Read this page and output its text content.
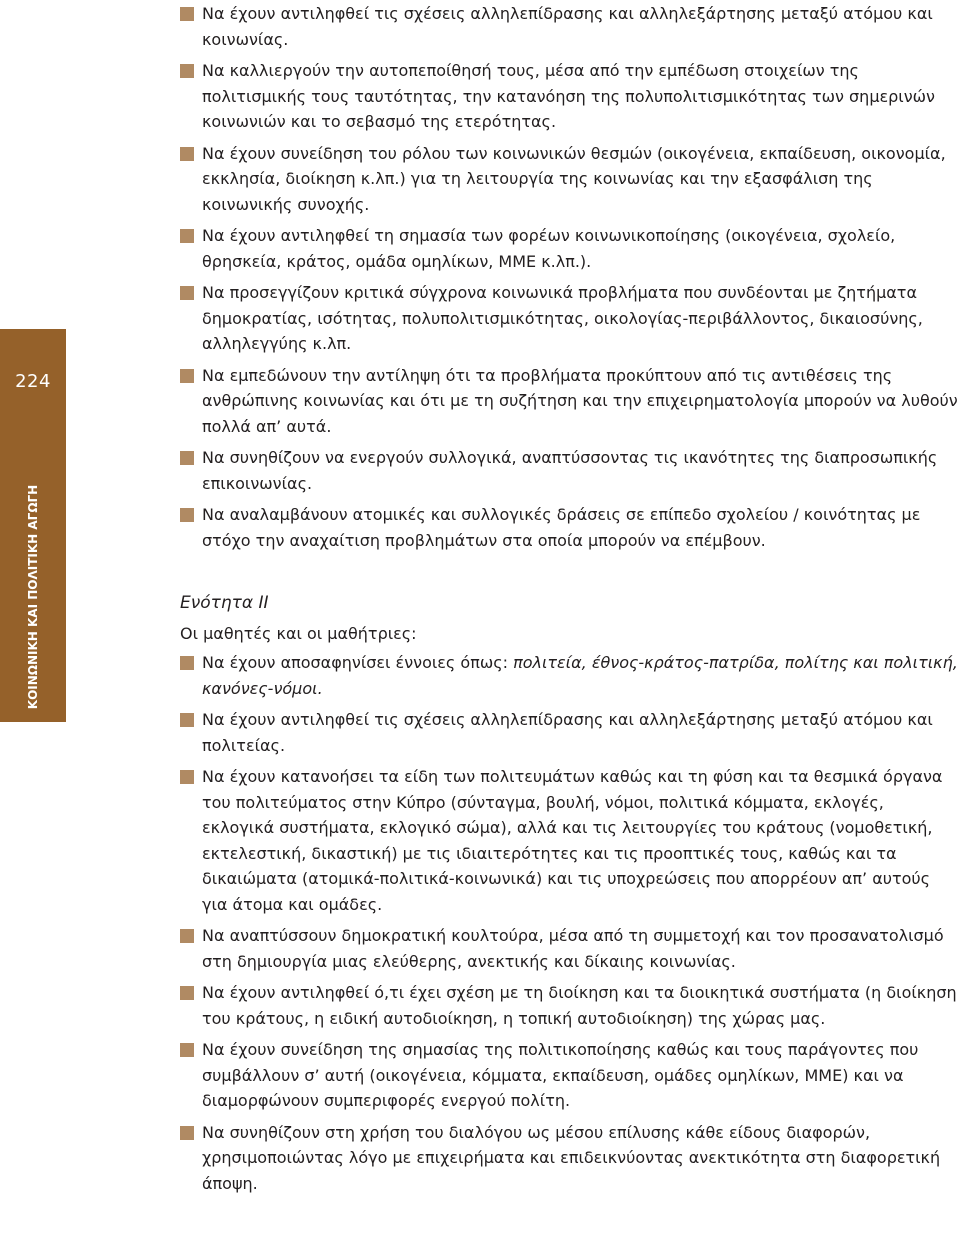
224
ΚΟΙΝΩΝΙΚΗ ΚΑΙ ΠΟΛΙΤΙΚΗ ΑΓΩΓΗ
Να έχουν αντιληφθεί τις σχέσεις αλληλεπίδρασης και αλληλεξάρτησης μεταξύ ατόμου και κοινωνίας.
Να καλλιεργούν την αυτοπεποίθησή τους, μέσα από την εμπέδωση στοιχείων της πολιτισμικής τους ταυτότητας, την κατανόηση της πολυπολιτισμικότητας των σημερινών κοινωνιών και το σεβασμό της ετερότητας.
Να έχουν συνείδηση του ρόλου των κοινωνικών θεσμών (οικογένεια, εκπαίδευση, οικονομία, εκκλησία, διοίκηση κ.λπ.) για τη λειτουργία της κοινωνίας και την εξασφάλιση της κοινωνικής συνοχής.
Να έχουν αντιληφθεί τη σημασία των φορέων κοινωνικοποίησης (οικογένεια, σχολείο, θρησκεία, κράτος, ομάδα ομηλίκων, ΜΜΕ κ.λπ.).
Να προσεγγίζουν κριτικά σύγχρονα κοινωνικά προβλήματα που συνδέονται με ζητήματα δημοκρατίας, ισότητας, πολυπολιτισμικότητας, οικολογίας-περιβάλλοντος, δικαιοσύνης, αλληλεγγύης κ.λπ.
Να εμπεδώνουν την αντίληψη ότι τα προβλήματα προκύπτουν από τις αντιθέσεις της ανθρώπινης κοινωνίας και ότι με τη συζήτηση και την επιχειρηματολογία μπορούν να λυθούν πολλά απ’ αυτά.
Να συνηθίζουν να ενεργούν συλλογικά, αναπτύσσοντας τις ικανότητες της διαπροσωπικής επικοινωνίας.
Να αναλαμβάνουν ατομικές και συλλογικές δράσεις σε επίπεδο σχολείου / κοινότητας με στόχο την αναχαίτιση προβλημάτων στα οποία μπορούν να επέμβουν.
Ενότητα ΙΙ
Οι μαθητές και οι μαθήτριες:
Να έχουν αποσαφηνίσει έννοιες όπως: πολιτεία, έθνος-κράτος-πατρίδα, πολίτης και πολιτική, κανόνες-νόμοι.
Να έχουν αντιληφθεί τις σχέσεις αλληλεπίδρασης και αλληλεξάρτησης μεταξύ ατόμου και πολιτείας.
Να έχουν κατανοήσει τα είδη των πολιτευμάτων καθώς και τη φύση και τα θεσμικά όργανα του πολιτεύματος στην Κύπρο (σύνταγμα, βουλή, νόμοι, πολιτικά κόμματα, εκλογές, εκλογικά συστήματα, εκλογικό σώμα), αλλά και τις λειτουργίες του κράτους (νομοθετική, εκτελεστική, δικαστική) με τις ιδιαιτερότητες και τις προοπτικές τους, καθώς και τα δικαιώματα (ατομικά-πολιτικά-κοινωνικά) και τις υποχρεώσεις που απορρέουν απ’ αυτούς για άτομα και ομάδες.
Να αναπτύσσουν δημοκρατική κουλτούρα, μέσα από τη συμμετοχή και τον προσανατολισμό στη δημιουργία μιας ελεύθερης, ανεκτικής και δίκαιης κοινωνίας.
Να έχουν αντιληφθεί ό,τι έχει σχέση με τη διοίκηση και τα διοικητικά συστήματα (η διοίκηση του κράτους, η ειδική αυτοδιοίκηση, η τοπική αυτοδιοίκηση) της χώρας μας.
Να έχουν συνείδηση της σημασίας της πολιτικοποίησης καθώς και τους παράγοντες που συμβάλλουν σ’ αυτή (οικογένεια, κόμματα, εκπαίδευση, ομάδες ομηλίκων, ΜΜΕ) και να διαμορφώνουν συμπεριφορές ενεργού πολίτη.
Να συνηθίζουν στη χρήση του διαλόγου ως μέσου επίλυσης κάθε είδους διαφορών, χρησιμοποιώντας λόγο με επιχειρήματα και επιδεικνύοντας ανεκτικότητα στη διαφορετική άποψη.
